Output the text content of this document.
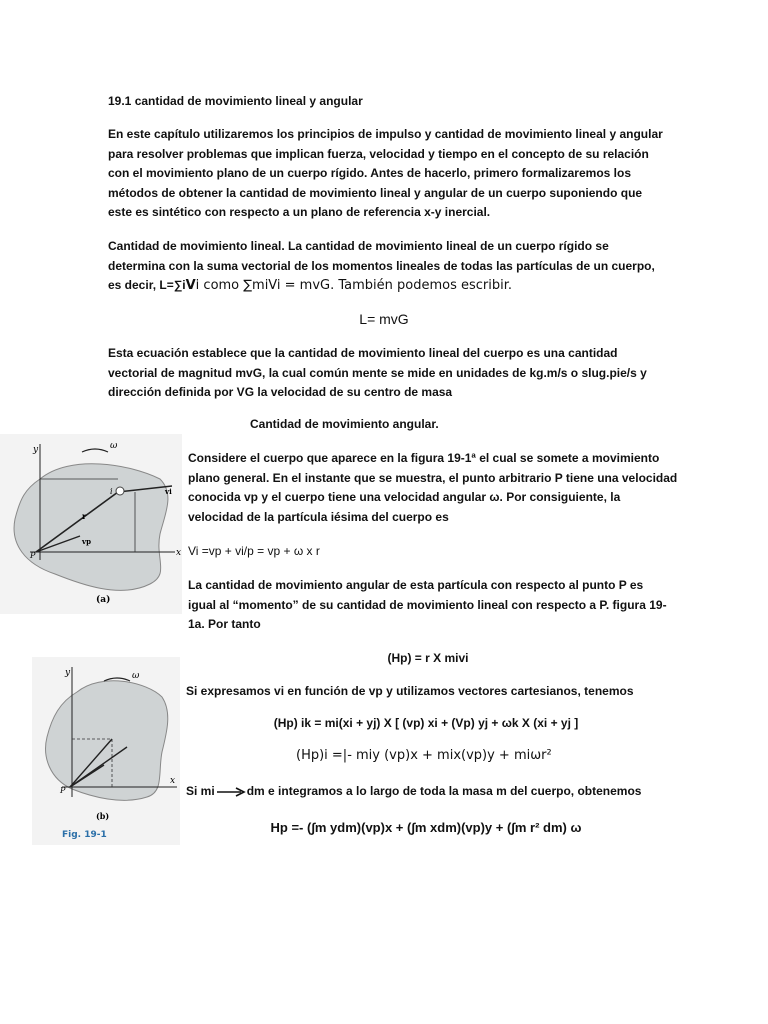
19.1 cantidad de movimiento lineal y angular

En este capítulo utilizaremos los principios de impulso y cantidad de movimiento lineal y angular para resolver problemas que implican fuerza, velocidad y tiempo en el concepto de su relación con el movimiento plano de un cuerpo rígido. Antes de hacerlo, primero formalizaremos los métodos de obtener la cantidad de movimiento lineal y angular de un cuerpo suponiendo que este es sintético con respecto a un plano de referencia x-y inercial.

Cantidad de movimiento lineal. La cantidad de movimiento lineal de un cuerpo rígido se determina con la suma vectorial de los momentos lineales de todas las partículas de un cuerpo, es decir, L=∑iVi como ∑miVi = mvG. También podemos escribir.

L= mvG

Esta ecuación establece que la cantidad de movimiento lineal del cuerpo es una cantidad vectorial de magnitud mvG, la cual común mente se mide en unidades de kg.m/s o slug.pie/s y dirección definida por VG la velocidad de su centro de masa

Cantidad de movimiento angular.

y
x
ω
r
i
P
vp
vi
(a)

Considere el cuerpo que aparece en la figura 19-1ª el cual se somete a movimiento plano general. En el instante que se muestra, el punto arbitrario P tiene una velocidad conocida vp y el cuerpo tiene una velocidad angular ω. Por consiguiente, la velocidad de la partícula iésima del cuerpo es

Vi =vp + vi/p = vp + ω x r

La cantidad de movimiento angular de esta partícula con respecto al punto P es igual al “momento” de su cantidad de movimiento lineal con respecto a P. figura 19-1a. Por tanto

(Hp) = r X mivi

Si expresamos vi en función de vp y utilizamos vectores cartesianos, tenemos

(Hp) ik = mi(xi + yj) X [ (vp) xi + (Vp) yj + ωk X (xi + yj ]

(Hp)i =|- miy (vp)x + mix(vp)y + miωr²

y
x
ω
P
(b)
Fig. 19-1

Si mi	dm e integramos a lo largo de toda la masa m del cuerpo, obtenemos

Hp =- (∫m ydm)(vp)x + (∫m xdm)(vp)y + (∫m r² dm) ω
